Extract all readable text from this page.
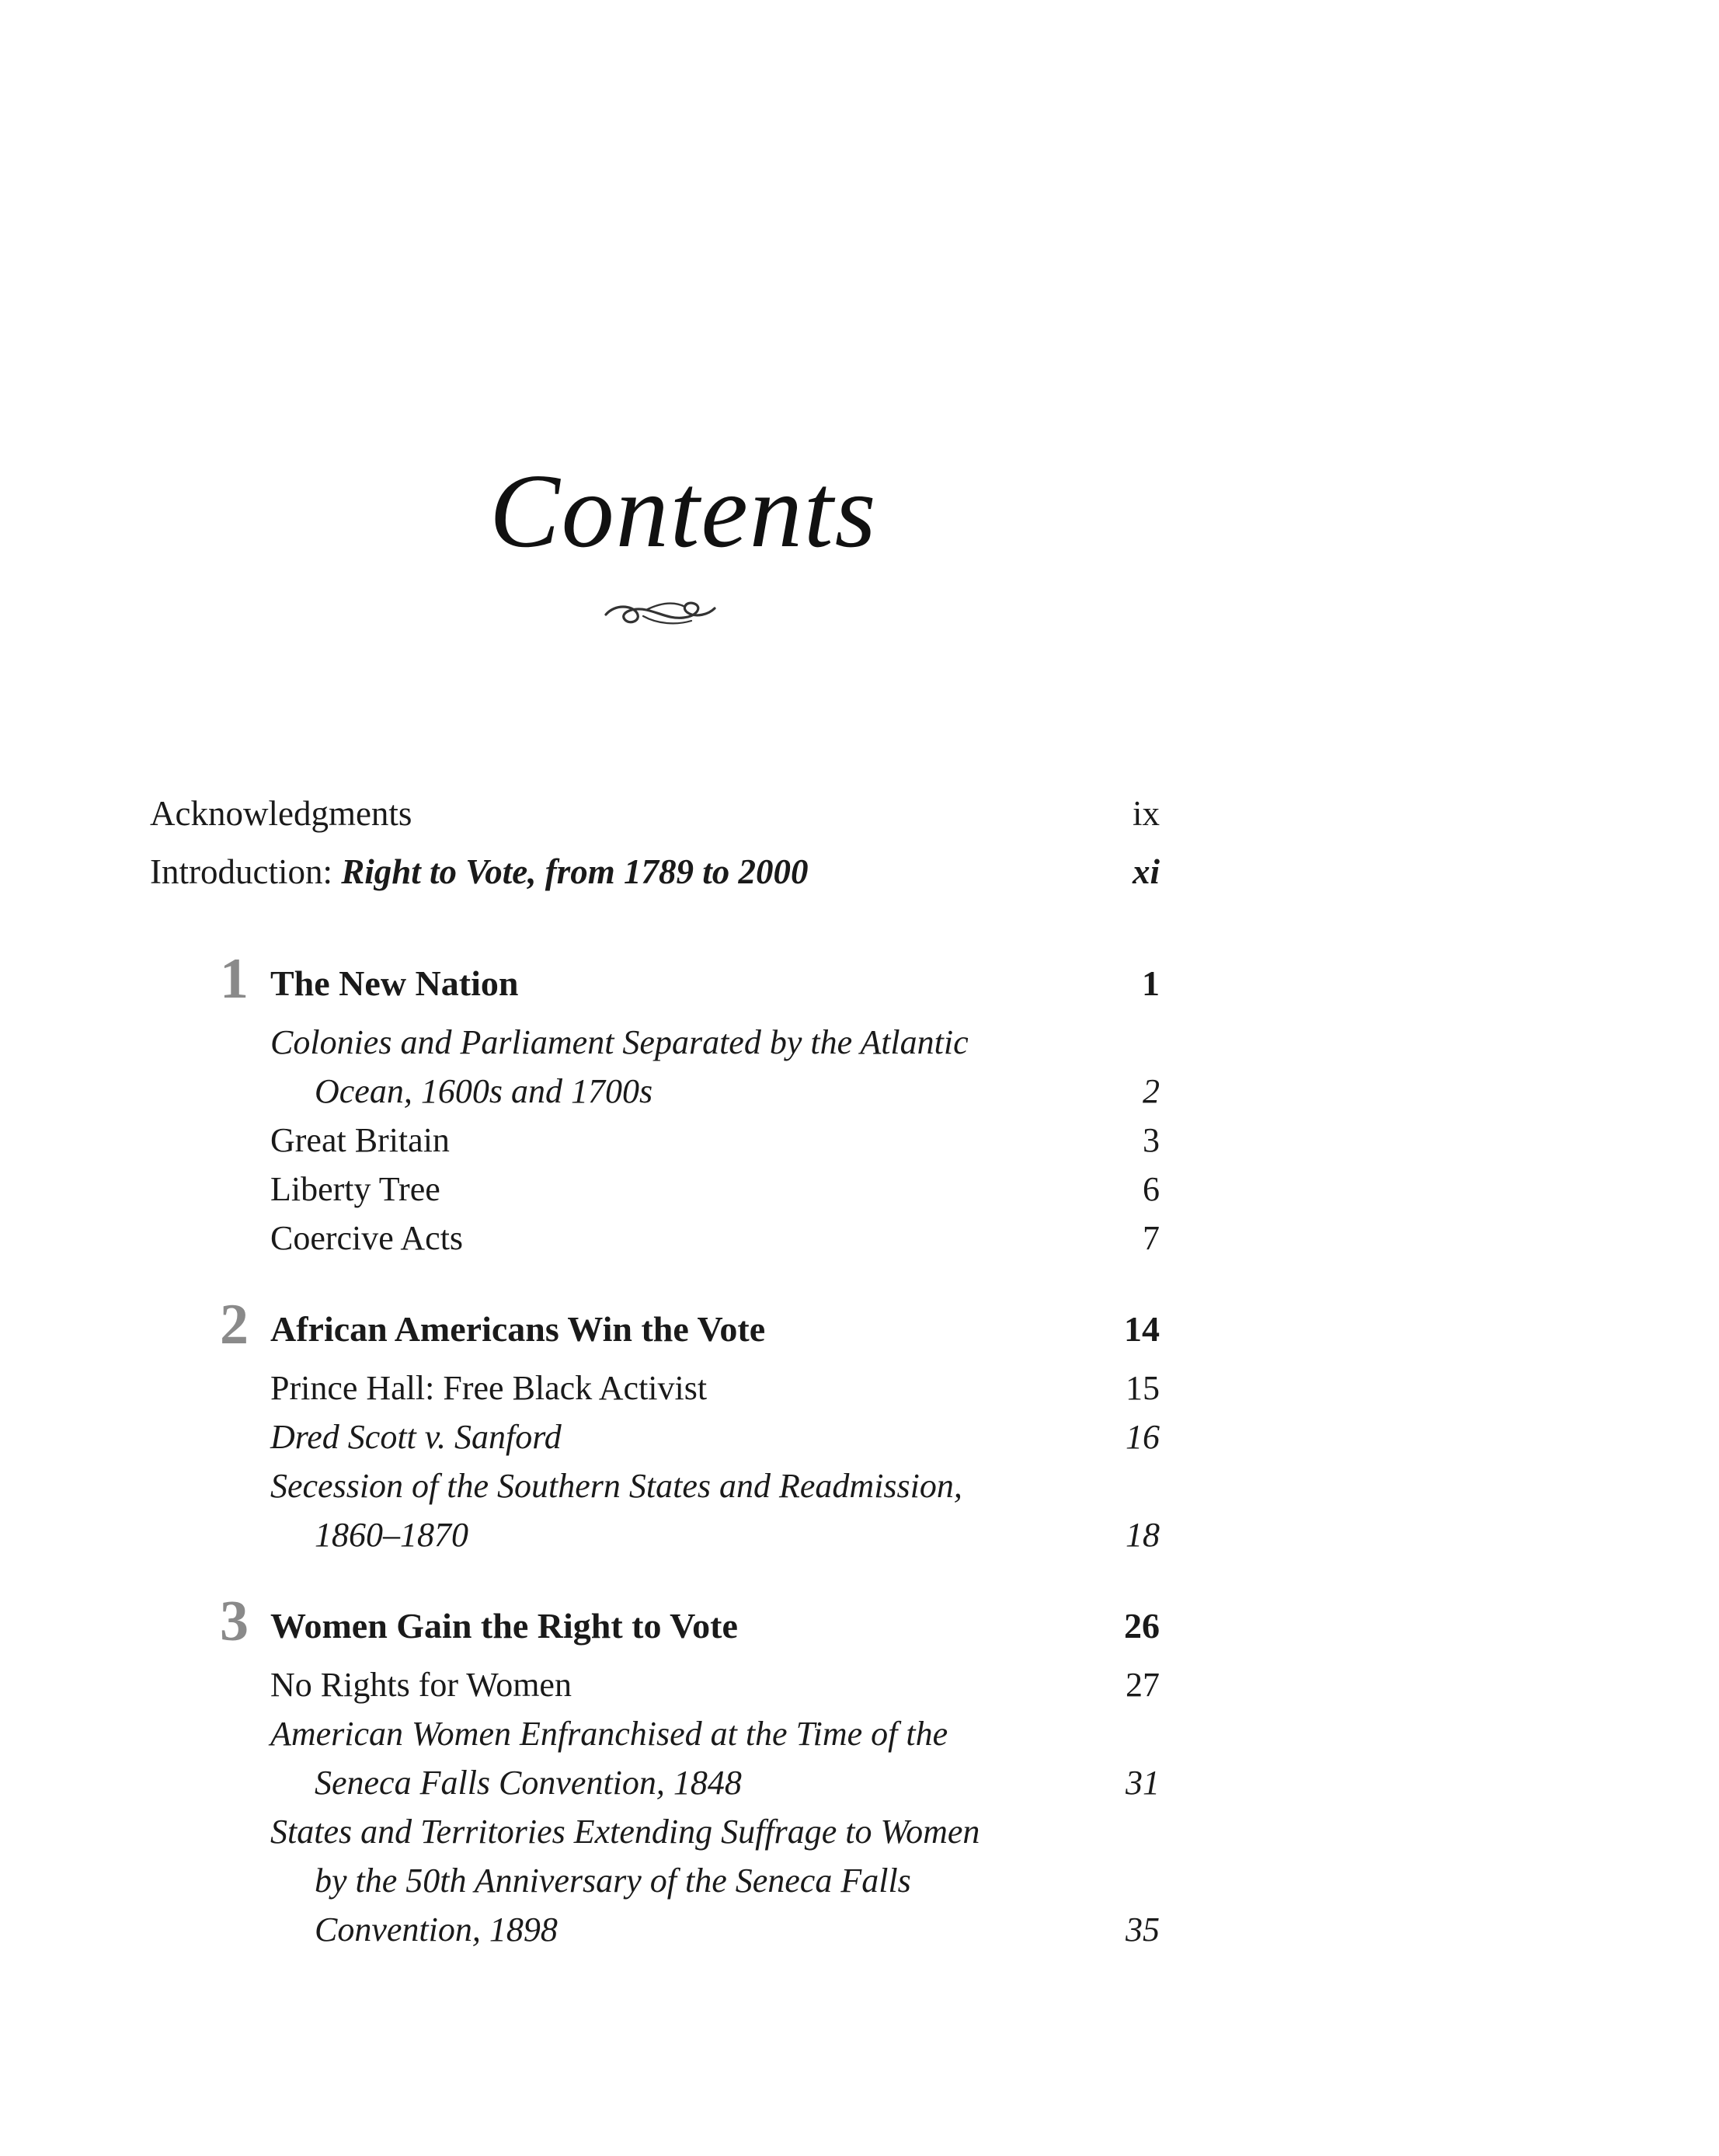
Contents
Acknowledgments	ix
Introduction: Right to Vote, from 1789 to 2000	xi
1 The New Nation	1
Colonies and Parliament Separated by the Atlantic
Ocean, 1600s and 1700s	2
Great Britain	3
Liberty Tree	6
Coercive Acts	7
2 African Americans Win the Vote	14
Prince Hall: Free Black Activist	15
Dred Scott v. Sanford	16
Secession of the Southern States and Readmission,
1860–1870	18
3 Women Gain the Right to Vote	26
No Rights for Women	27
American Women Enfranchised at the Time of the
Seneca Falls Convention, 1848	31
States and Territories Extending Suffrage to Women
by the 50th Anniversary of the Seneca Falls
Convention, 1898	35
